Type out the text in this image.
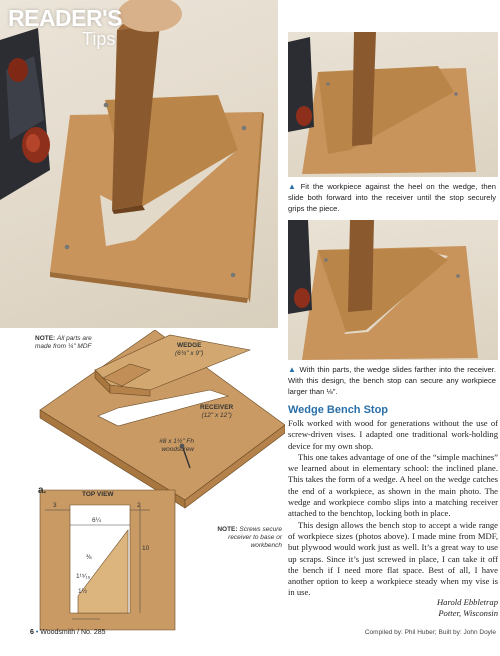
READER'S
Tips
▲ Fit the workpiece against the heel on the wedge, then slide both forward into the receiver until the stop securely grips the piece.
▲ With thin parts, the wedge slides farther into the receiver. With this design, the bench stop can secure any workpiece larger than ⅛".
NOTE: All parts are made from ¼" MDF	WEDGE
(6¾" x 9")
RECEIVER
(12" x 12")
#8 x 1½" Fh woodscrew
NOTE: Screws secure receiver to base or workbench
a.	TOP VIEW
3	2
6¼
10
⅜
1¹⁵⁄₁₆
1½
Wedge Bench Stop

Folk worked with wood for generations without the use of screw-driven vises. I adapted one traditional work-holding device for my own shop.

This one takes advantage of one of the “simple machines” we learned about in elementary school: the inclined plane. This takes the form of a wedge. A heel on the wedge catches the end of a workpiece, as shown in the main photo. The wedge and workpiece combo slips into a matching receiver attached to the benchtop, locking both in place.

This design allows the bench stop to accept a wide range of workpiece sizes (photos above). I made mine from MDF, but plywood would work just as well. It’s a great way to use up scraps. Since it’s just screwed in place, I can take it off the bench if I need more flat space. Best of all, I have another option to keep a workpiece steady when my vise is in use.

Harold Ebbletrap
Potter, Wisconsin
6 • Woodsmith / No. 285	Compiled by: Phil Huber; Built by: John Doyle
